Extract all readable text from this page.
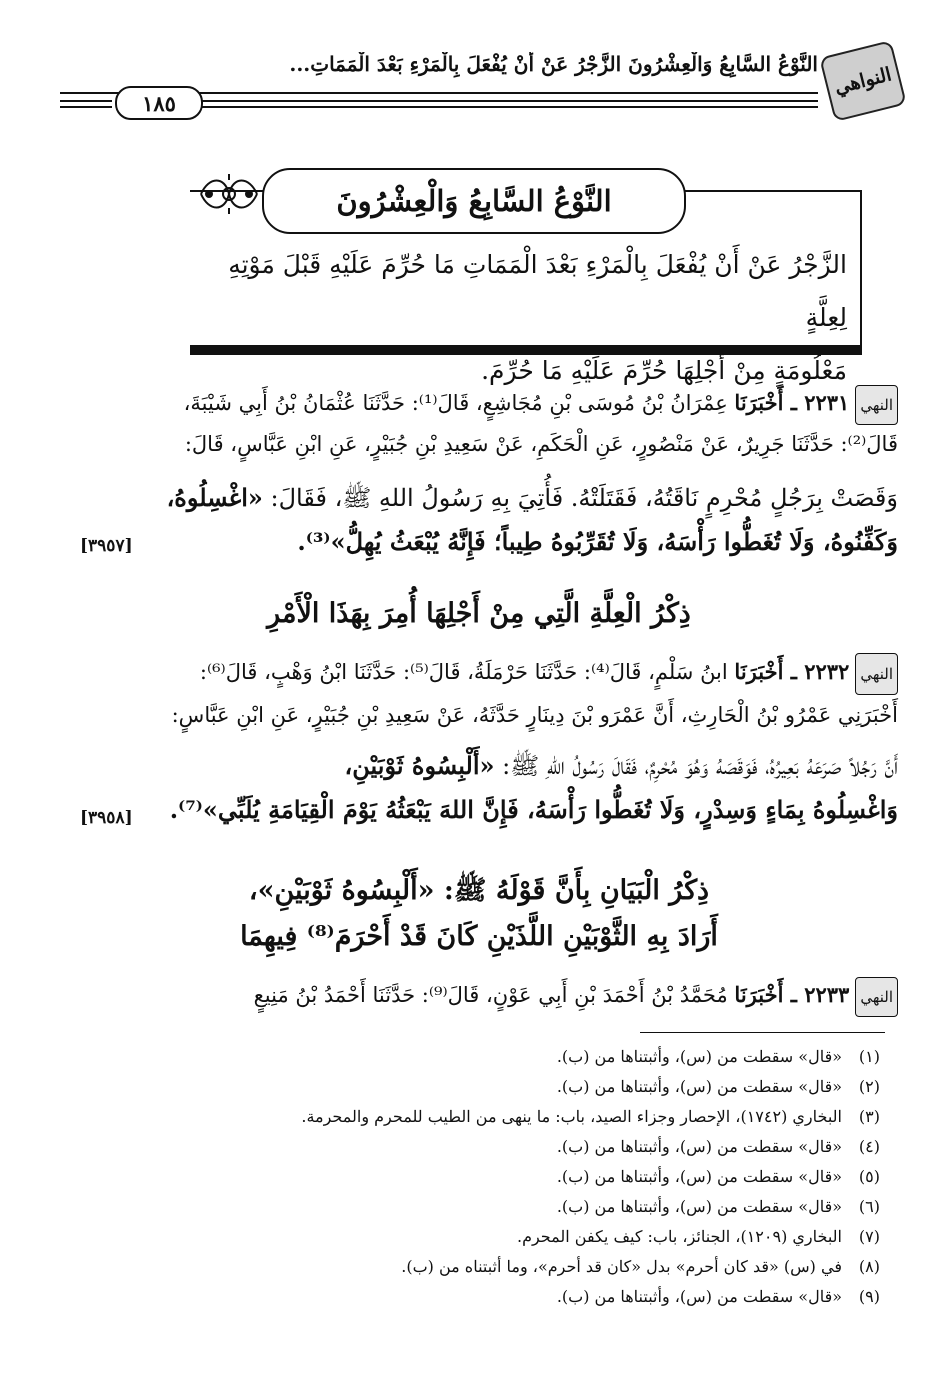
النواهي
النَّوْعُ السَّابِعُ وَالْعِشْرُونَ الزَّجْرُ عَنْ أَنْ يُفْعَلَ بِالْمَرْءِ بَعْدَ الْمَمَاتِ...
١٨٥
النَّوْعُ السَّابِعُ وَالْعِشْرُونَ
الزَّجْرُ عَنْ أَنْ يُفْعَلَ بِالْمَرْءِ بَعْدَ الْمَمَاتِ مَا حُرِّمَ عَلَيْهِ قَبْلَ مَوْتِهِ لِعِلَّةٍ
مَعْلُومَةٍ مِنْ أَجْلِهَا حُرِّمَ عَلَيْهِ مَا حُرِّمَ.
النهي٢٢٣١ ـ أَخْبَرَنَا عِمْرَانُ بْنُ مُوسَى بْنِ مُجَاشِعٍ، قَالَ⁽¹⁾: حَدَّثَنَا عُثْمَانُ بْنُ أَبِي شَيْبَةَ،
قَالَ⁽²⁾: حَدَّثَنَا جَرِيرٌ، عَنْ مَنْصُورٍ، عَنِ الْحَكَمِ، عَنْ سَعِيدِ بْنِ جُبَيْرٍ، عَنِ ابْنِ عَبَّاسٍ، قَالَ:
وَقَصَتْ بِرَجُلٍ مُحْرِمٍ نَاقَتُهُ، فَقَتَلَتْهُ. فَأُتِيَ بِهِ رَسُولُ اللهِ ﷺ، فَقَالَ: «اغْسِلُوهُ،
وَكَفِّنُوهُ، وَلَا تُغَطُّوا رَأْسَهُ، وَلَا تُقَرِّبُوهُ طِيباً؛ فَإِنَّهُ يُبْعَثُ يُهِلُّ»⁽³⁾.
[٣٩٥٧]
ذِكْرُ الْعِلَّةِ الَّتِي مِنْ أَجْلِهَا أُمِرَ بِهَذَا الْأَمْرِ
النهي٢٢٣٢ ـ أَخْبَرَنَا ابنُ سَلْمٍ، قَالَ⁽⁴⁾: حَدَّثَنَا حَرْمَلَةُ، قَالَ⁽⁵⁾: حَدَّثَنَا ابْنُ وَهْبٍ، قَالَ⁽⁶⁾:
أَخْبَرَنِي عَمْرُو بْنُ الْحَارِثِ، أَنَّ عَمْرَو بْنَ دِينَارٍ حَدَّثَهُ، عَنْ سَعِيدِ بْنِ جُبَيْرٍ، عَنِ ابْنِ عَبَّاسٍ:
أَنَّ رَجُلاً صَرَعَهُ بَعِيرُهُ، فَوَقَصَهُ وَهُوَ مُحْرِمٌ، فَقَالَ رَسُولُ اللهِ ﷺ: «أَلْبِسُوهُ ثَوْبَيْنِ،
وَاغْسِلُوهُ بِمَاءٍ وَسِدْرٍ، وَلَا تُغَطُّوا رَأْسَهُ، فَإِنَّ اللهَ يَبْعَثُهُ يَوْمَ الْقِيَامَةِ يُلَبِّي»⁽⁷⁾.
[٣٩٥٨]
ذِكْرُ الْبَيَانِ بِأَنَّ قَوْلَهُ ﷺ: «أَلْبِسُوهُ ثَوْبَيْنِ»،
أَرَادَ بِهِ الثَّوْبَيْنِ اللَّذَيْنِ كَانَ قَدْ أَحْرَمَ⁽⁸⁾ فِيهِمَا
النهي٢٢٣٣ ـ أَخْبَرَنَا مُحَمَّدُ بْنُ أَحْمَدَ بْنِ أَبِي عَوْنٍ، قَالَ⁽⁹⁾: حَدَّثَنَا أَحْمَدُ بْنُ مَنِيعٍ
(١)«قال» سقطت من (س)، وأثبتناها من (ب).
(٢)«قال» سقطت من (س)، وأثبتناها من (ب).
(٣)البخاري (١٧٤٢)، الإحصار وجزاء الصيد، باب: ما ينهى من الطيب للمحرم والمحرمة.
(٤)«قال» سقطت من (س)، وأثبتناها من (ب).
(٥)«قال» سقطت من (س)، وأثبتناها من (ب).
(٦)«قال» سقطت من (س)، وأثبتناها من (ب).
(٧)البخاري (١٢٠٩)، الجنائز، باب: كيف يكفن المحرم.
(٨)في (س) «قد كان أحرم» بدل «كان قد أحرم»، وما أثبتناه من (ب).
(٩)«قال» سقطت من (س)، وأثبتناها من (ب).
